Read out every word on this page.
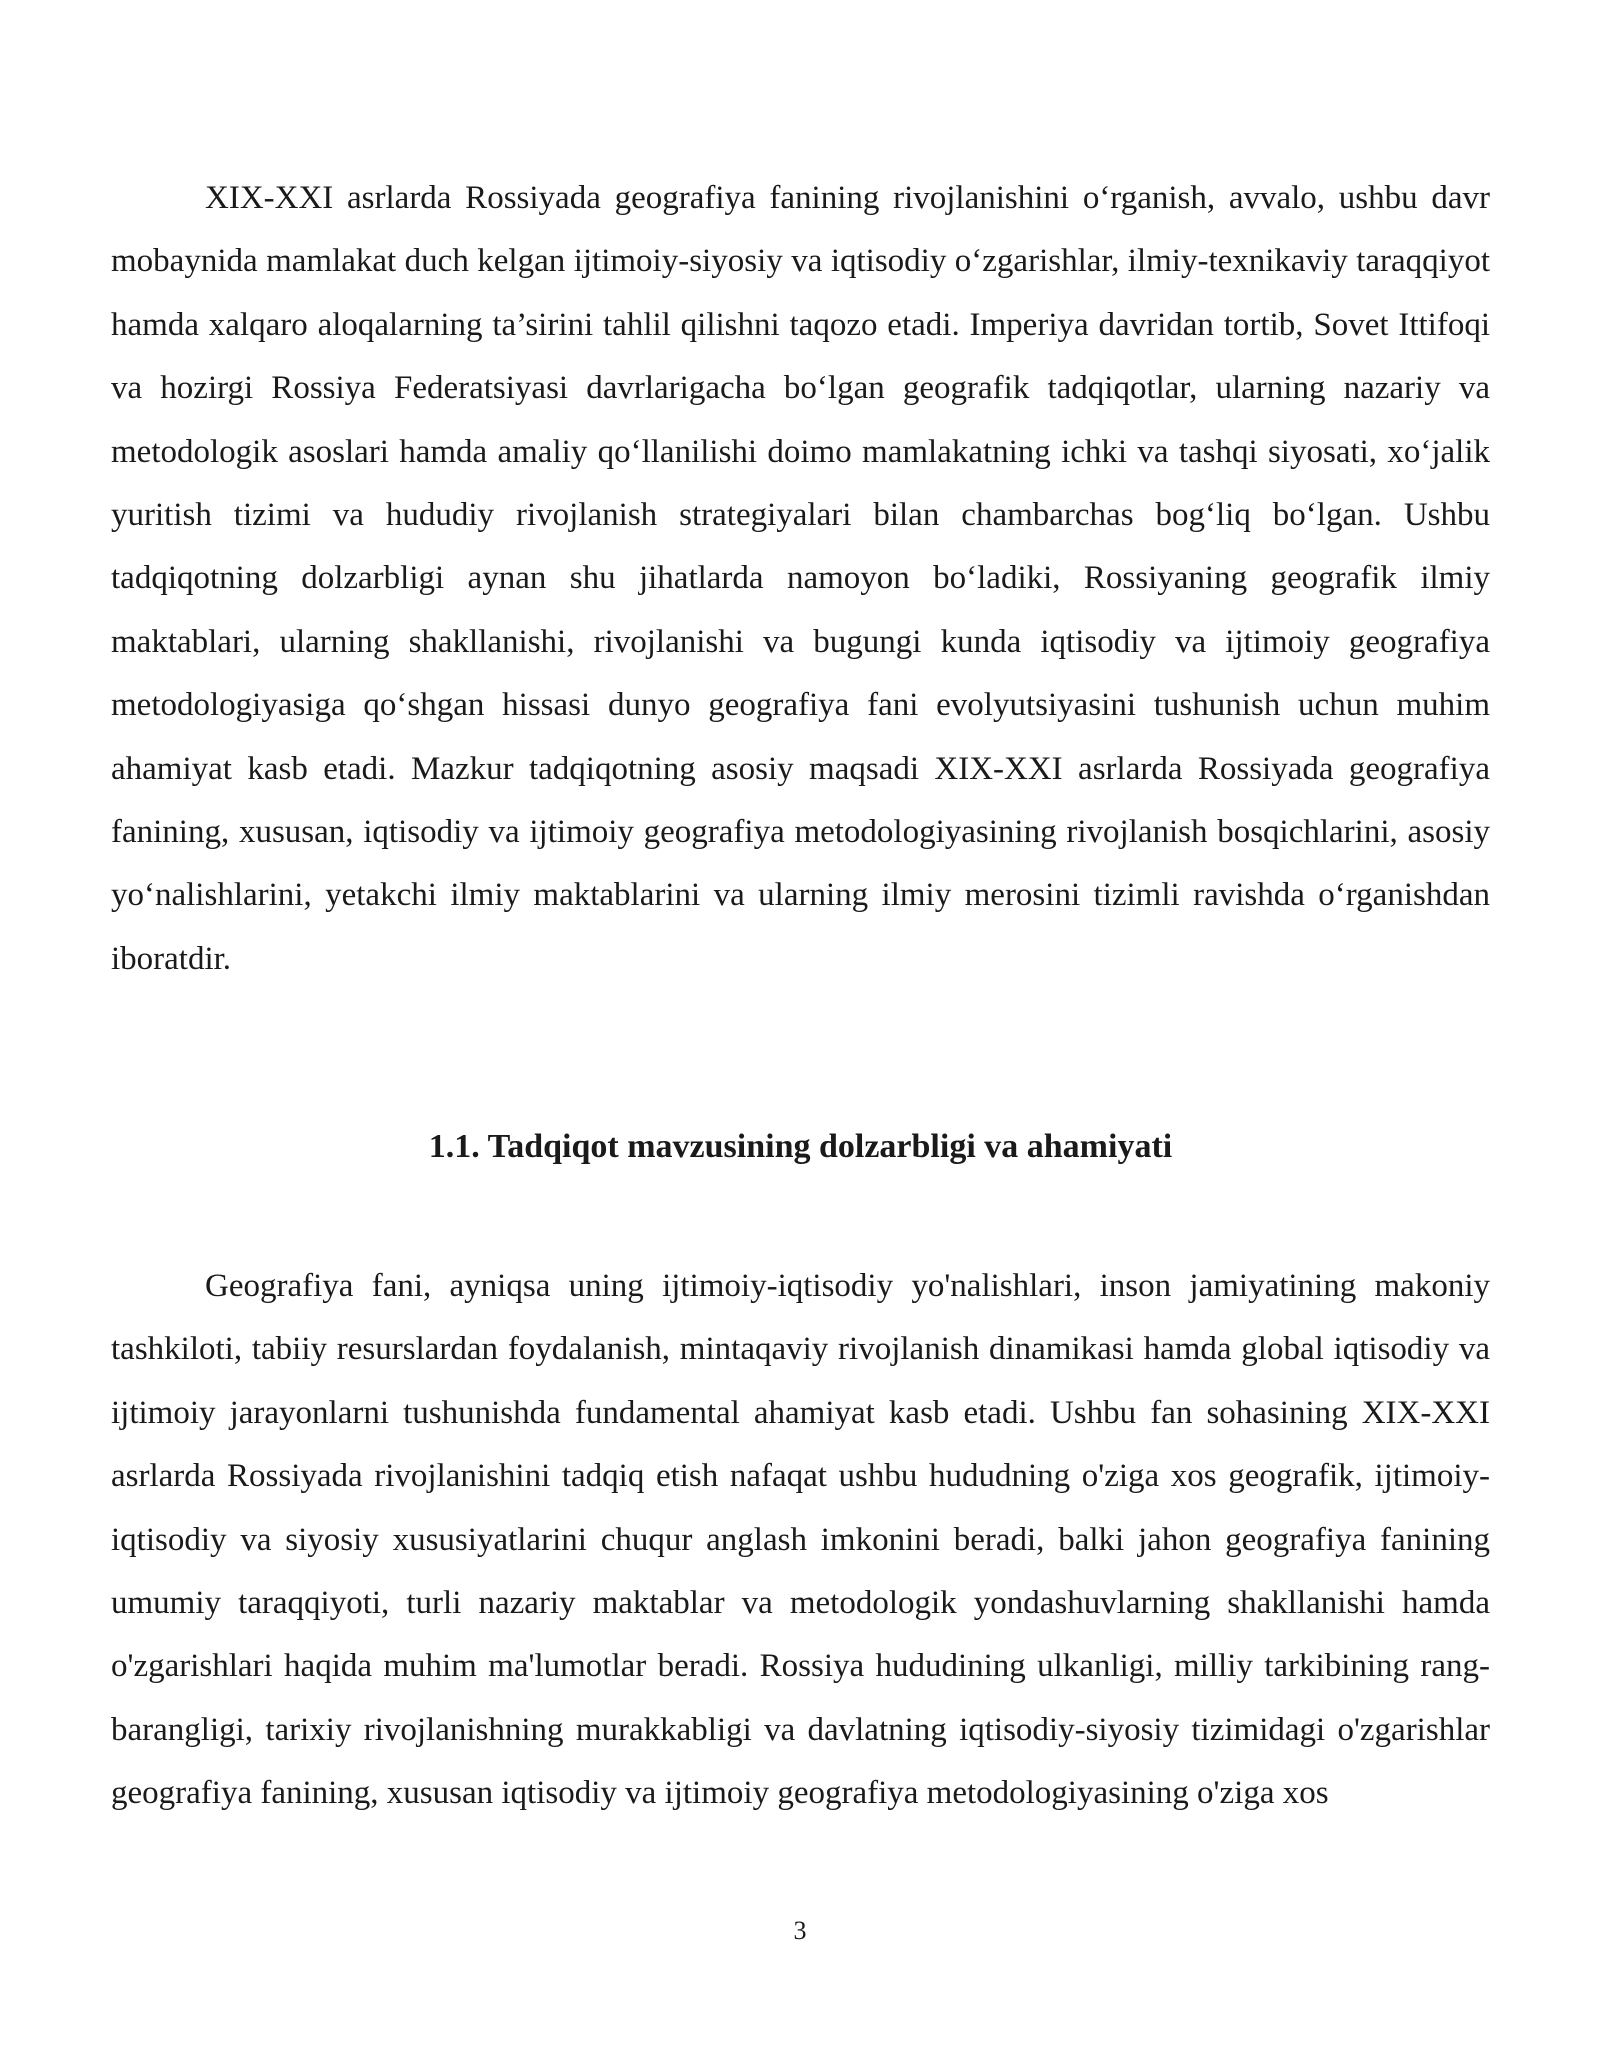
XIX-XXI asrlarda Rossiyada geografiya fanining rivojlanishini o‘rganish, avvalo, ushbu davr mobaynida mamlakat duch kelgan ijtimoiy-siyosiy va iqtisodiy o‘zgarishlar, ilmiy-texnikaviy taraqqiyot hamda xalqaro aloqalarning ta’sirini tahlil qilishni taqozo etadi. Imperiya davridan tortib, Sovet Ittifoqi va hozirgi Rossiya Federatsiyasi davrlarigacha bo‘lgan geografik tadqiqotlar, ularning nazariy va metodologik asoslari hamda amaliy qo‘llanilishi doimo mamlakatning ichki va tashqi siyosati, xo‘jalik yuritish tizimi va hududiy rivojlanish strategiyalari bilan chambarchas bog‘liq bo‘lgan. Ushbu tadqiqotning dolzarbligi aynan shu jihatlarda namoyon bo‘ladiki, Rossiyaning geografik ilmiy maktablari, ularning shakllanishi, rivojlanishi va bugungi kunda iqtisodiy va ijtimoiy geografiya metodologiyasiga qo‘shgan hissasi dunyo geografiya fani evolyutsiyasini tushunish uchun muhim ahamiyat kasb etadi. Mazkur tadqiqotning asosiy maqsadi XIX-XXI asrlarda Rossiyada geografiya fanining, xususan, iqtisodiy va ijtimoiy geografiya metodologiyasining rivojlanish bosqichlarini, asosiy yo‘nalishlarini, yetakchi ilmiy maktablarini va ularning ilmiy merosini tizimli ravishda o‘rganishdan iboratdir.

1.1. Tadqiqot mavzusining dolzarbligi va ahamiyati

Geografiya fani, ayniqsa uning ijtimoiy-iqtisodiy yo'nalishlari, inson jamiyatining makoniy tashkiloti, tabiiy resurslardan foydalanish, mintaqaviy rivojlanish dinamikasi hamda global iqtisodiy va ijtimoiy jarayonlarni tushunishda fundamental ahamiyat kasb etadi. Ushbu fan sohasining XIX-XXI asrlarda Rossiyada rivojlanishini tadqiq etish nafaqat ushbu hududning o'ziga xos geografik, ijtimoiy-iqtisodiy va siyosiy xususiyatlarini chuqur anglash imkonini beradi, balki jahon geografiya fanining umumiy taraqqiyoti, turli nazariy maktablar va metodologik yondashuvlarning shakllanishi hamda o'zgarishlari haqida muhim ma'lumotlar beradi. Rossiya hududining ulkanligi, milliy tarkibining rang-barangligi, tarixiy rivojlanishning murakkabligi va davlatning iqtisodiy-siyosiy tizimidagi o'zgarishlar geografiya fanining, xususan iqtisodiy va ijtimoiy geografiya metodologiyasining o'ziga xos

3
